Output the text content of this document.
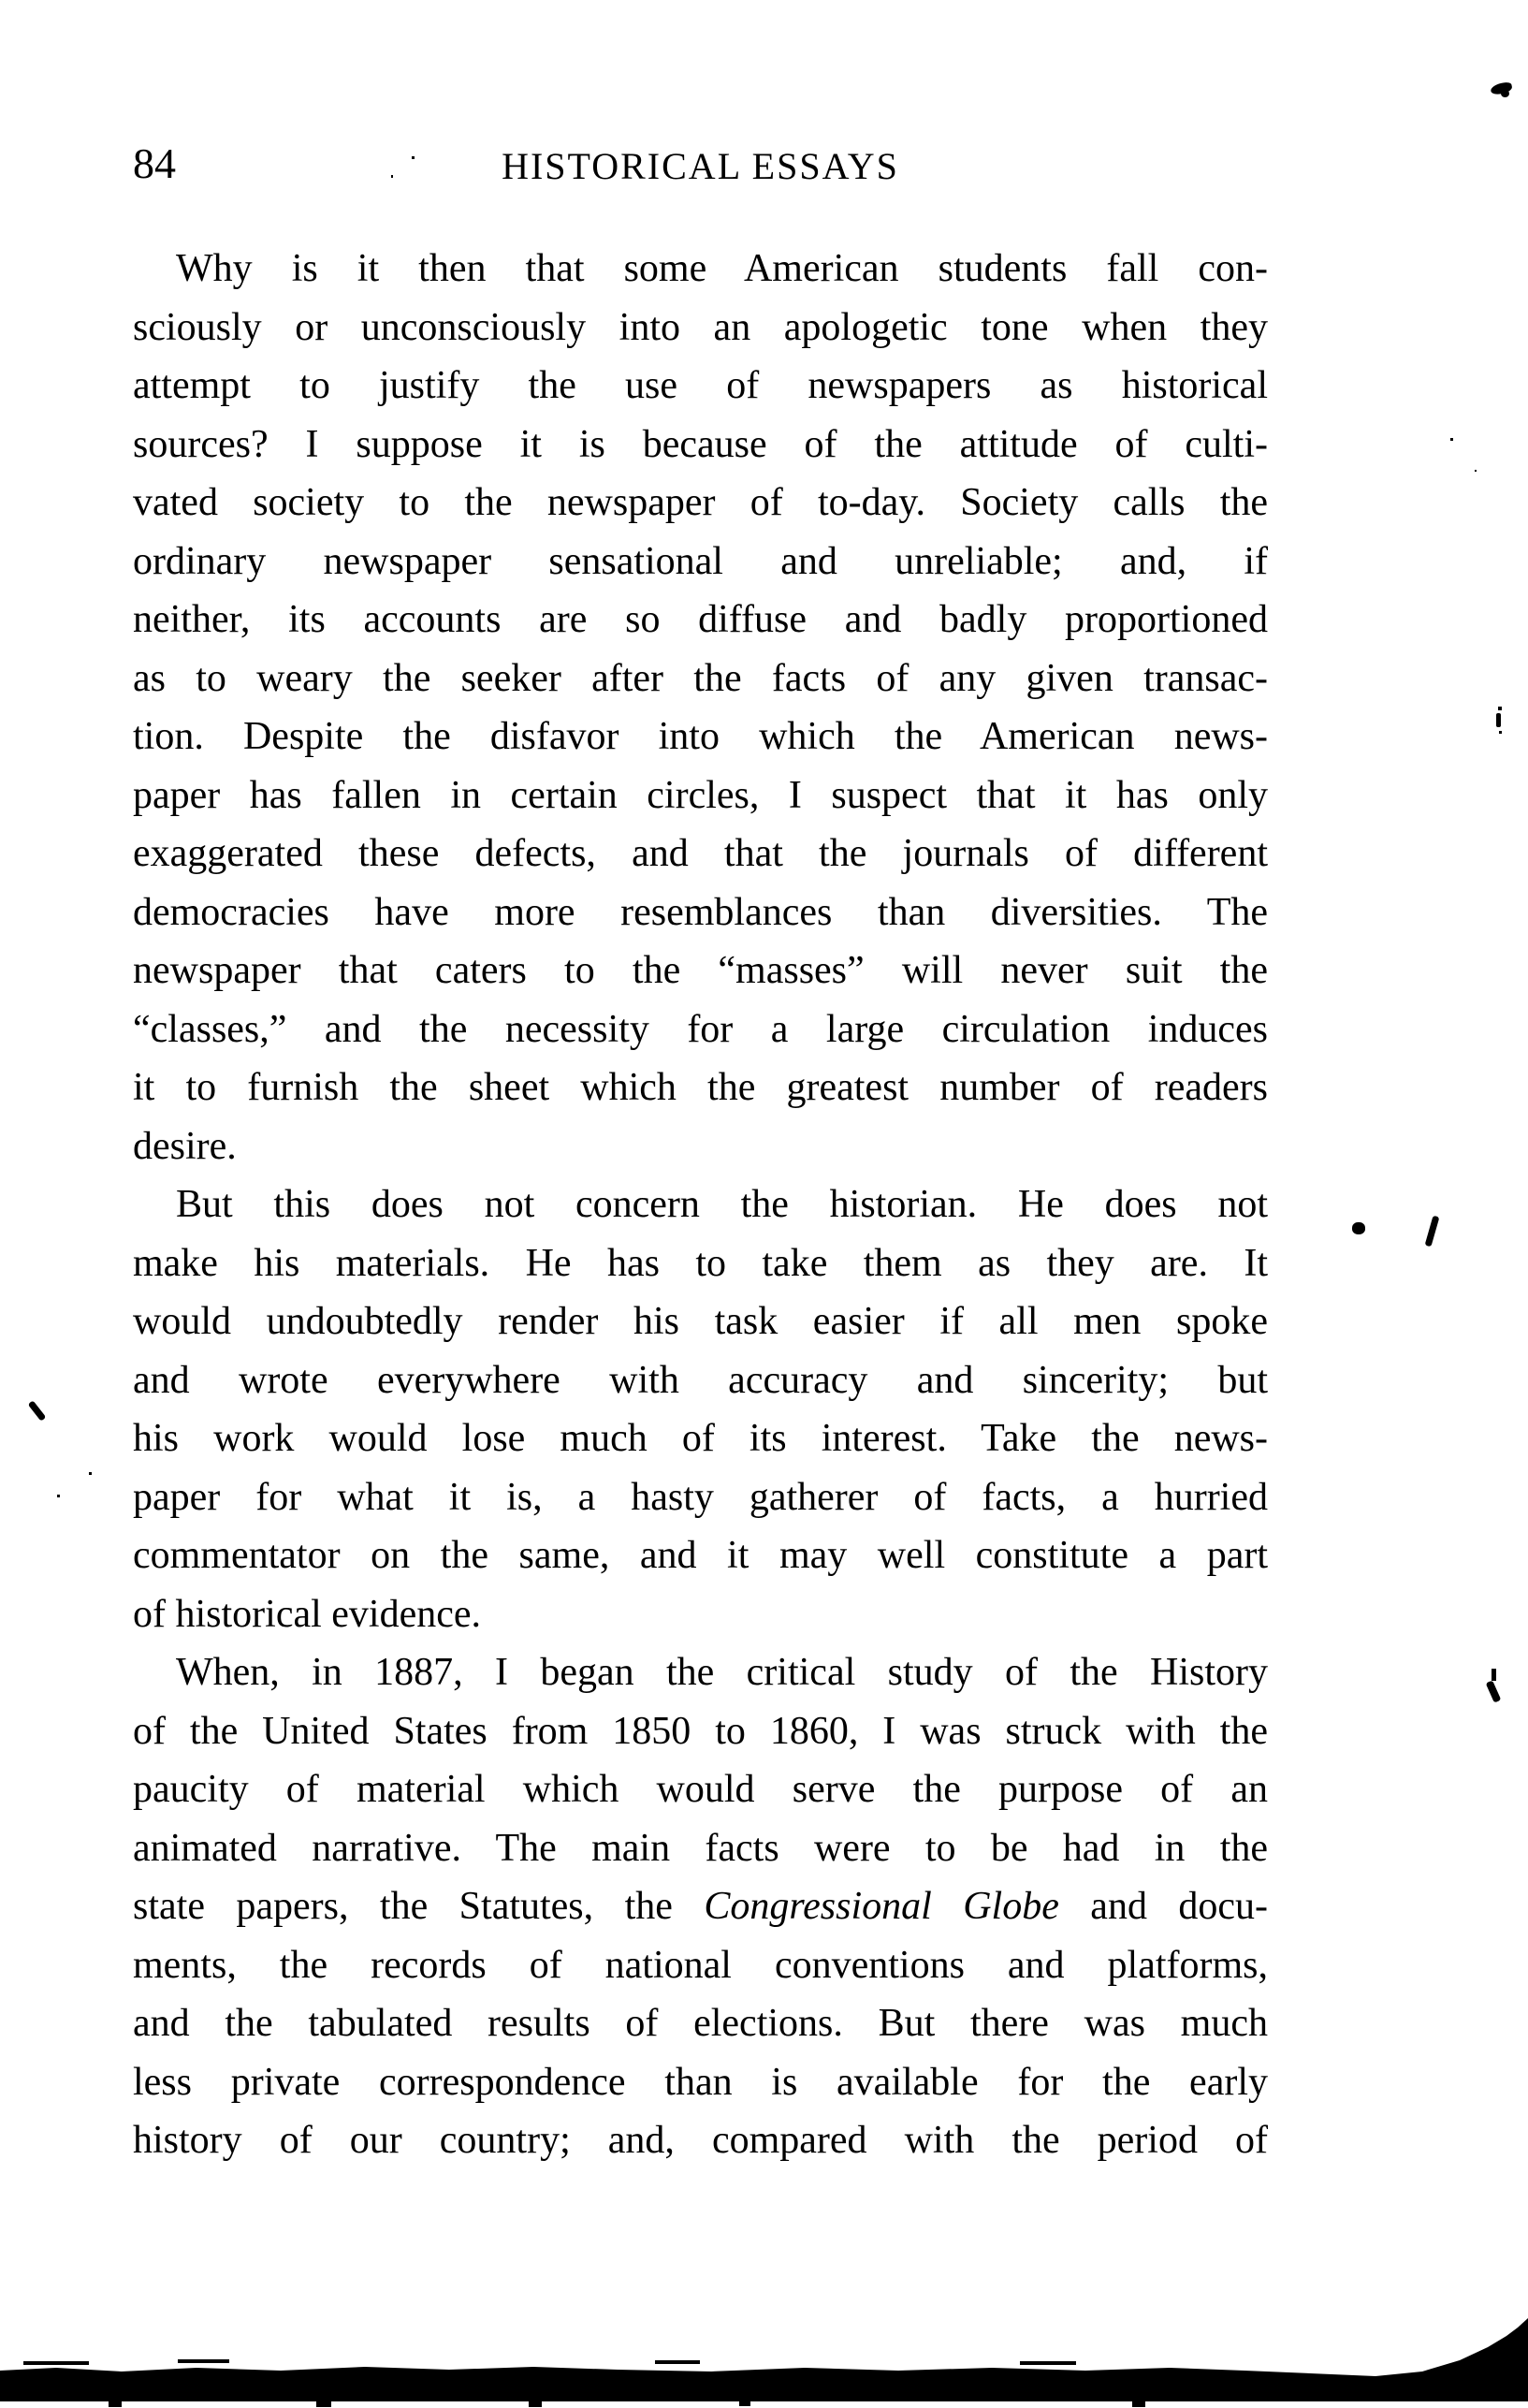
84	HISTORICAL ESSAYS
Why is it then that some American students fall con-
sciously or unconsciously into an apologetic tone when they
attempt to justify the use of newspapers as historical
sources? I suppose it is because of the attitude of culti-
vated society to the newspaper of to-day. Society calls the
ordinary newspaper sensational and unreliable; and, if
neither, its accounts are so diffuse and badly proportioned
as to weary the seeker after the facts of any given transac-
tion. Despite the disfavor into which the American news-
paper has fallen in certain circles, I suspect that it has only
exaggerated these defects, and that the journals of different
democracies have more resemblances than diversities. The
newspaper that caters to the “masses” will never suit the
“classes,” and the necessity for a large circulation induces
it to furnish the sheet which the greatest number of readers
desire.
But this does not concern the historian. He does not
make his materials. He has to take them as they are. It
would undoubtedly render his task easier if all men spoke
and wrote everywhere with accuracy and sincerity; but
his work would lose much of its interest. Take the news-
paper for what it is, a hasty gatherer of facts, a hurried
commentator on the same, and it may well constitute a part
of historical evidence.
When, in 1887, I began the critical study of the History
of the United States from 1850 to 1860, I was struck with the
paucity of material which would serve the purpose of an
animated narrative. The main facts were to be had in the
state papers, the Statutes, the Congressional Globe and docu-
ments, the records of national conventions and platforms,
and the tabulated results of elections. But there was much
less private correspondence than is available for the early
history of our country; and, compared with the period of
